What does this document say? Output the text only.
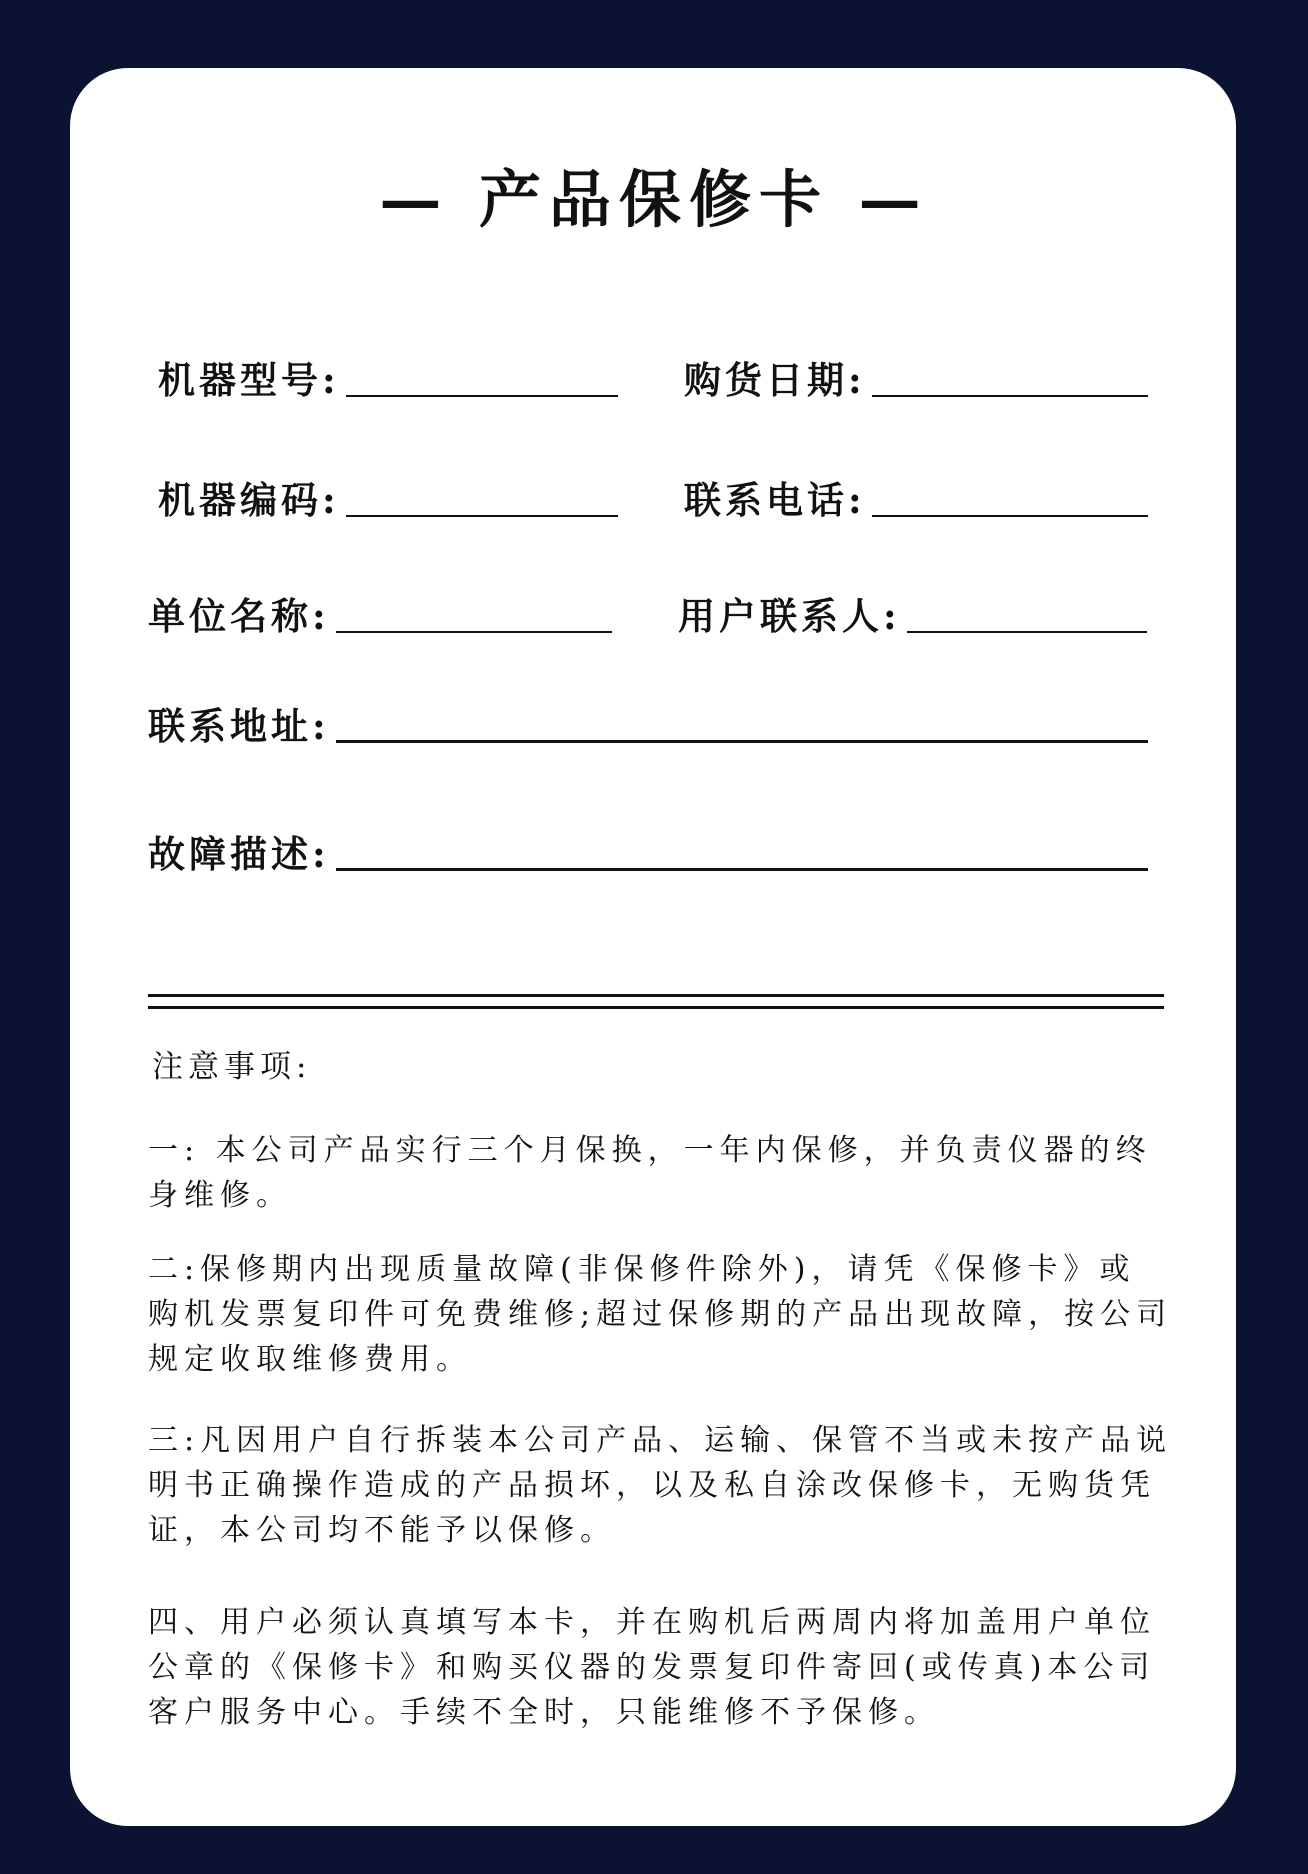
— 产品保修卡 —
机器型号:	购货日期:
机器编码:	联系电话:
单位名称:	用户联系人:
联系地址:
故障描述:
注意事项:

一: 本公司产品实行三个月保换，一年内保修，并负责仪器的终身维修。

二:保修期内出现质量故障(非保修件除外)，请凭《保修卡》或 购机发票复印件可免费维修;超过保修期的产品出现故障，按公司规定收取维修费用。

三:凡因用户自行拆装本公司产品、运输、保管不当或未按产品说明书正确操作造成的产品损坏，以及私自涂改保修卡，无购货凭证，本公司均不能予以保修。

四、用户必须认真填写本卡，并在购机后两周内将加盖用户单位公章的《保修卡》和购买仪器的发票复印件寄回(或传真)本公司客户服务中心。手续不全时，只能维修不予保修。
